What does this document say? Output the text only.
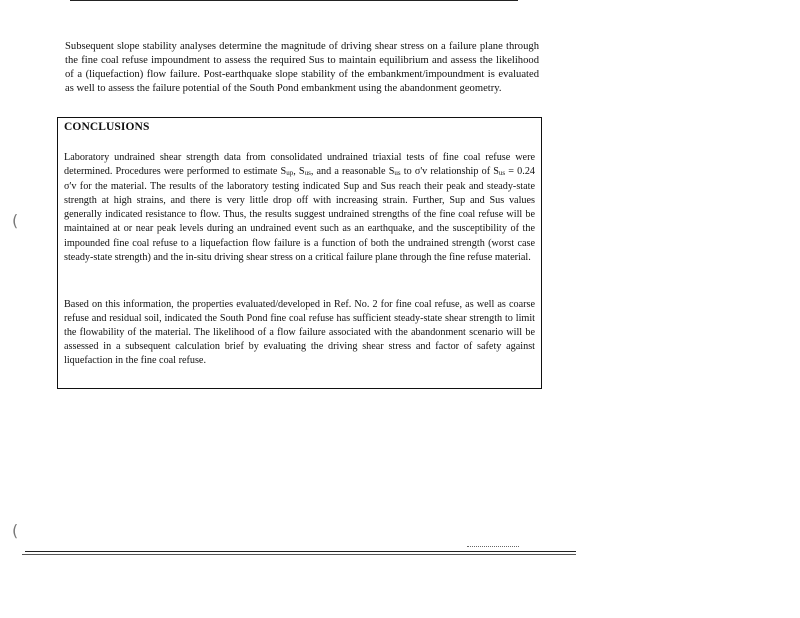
Subsequent slope stability analyses determine the magnitude of driving shear stress on a failure plane through the fine coal refuse impoundment to assess the required Sus to maintain equilibrium and assess the likelihood of a (liquefaction) flow failure. Post-earthquake slope stability of the embankment/impoundment is evaluated as well to assess the failure potential of the South Pond embankment using the abandonment geometry.

CONCLUSIONS

Laboratory undrained shear strength data from consolidated undrained triaxial tests of fine coal refuse were determined. Procedures were performed to estimate Sup, Sus, and a reasonable Sus to σ'v relationship of Sus = 0.24 σ'v for the material. The results of the laboratory testing indicated Sup and Sus reach their peak and steady-state strength at high strains, and there is very little drop off with increasing strain. Further, Sup and Sus values generally indicated resistance to flow. Thus, the results suggest undrained strengths of the fine coal refuse will be maintained at or near peak levels during an undrained event such as an earthquake, and the susceptibility of the impounded fine coal refuse to a liquefaction flow failure is a function of both the undrained strength (worst case steady-state strength) and the in-situ driving shear stress on a critical failure plane through the fine refuse material.

Based on this information, the properties evaluated/developed in Ref. No. 2 for fine coal refuse, as well as coarse refuse and residual soil, indicated the South Pond fine coal refuse has sufficient steady-state shear strength to limit the flowability of the material. The likelihood of a flow failure associated with the abandonment scenario will be assessed in a subsequent calculation brief by evaluating the driving shear stress and factor of safety against liquefaction in the fine coal refuse.

(
(
